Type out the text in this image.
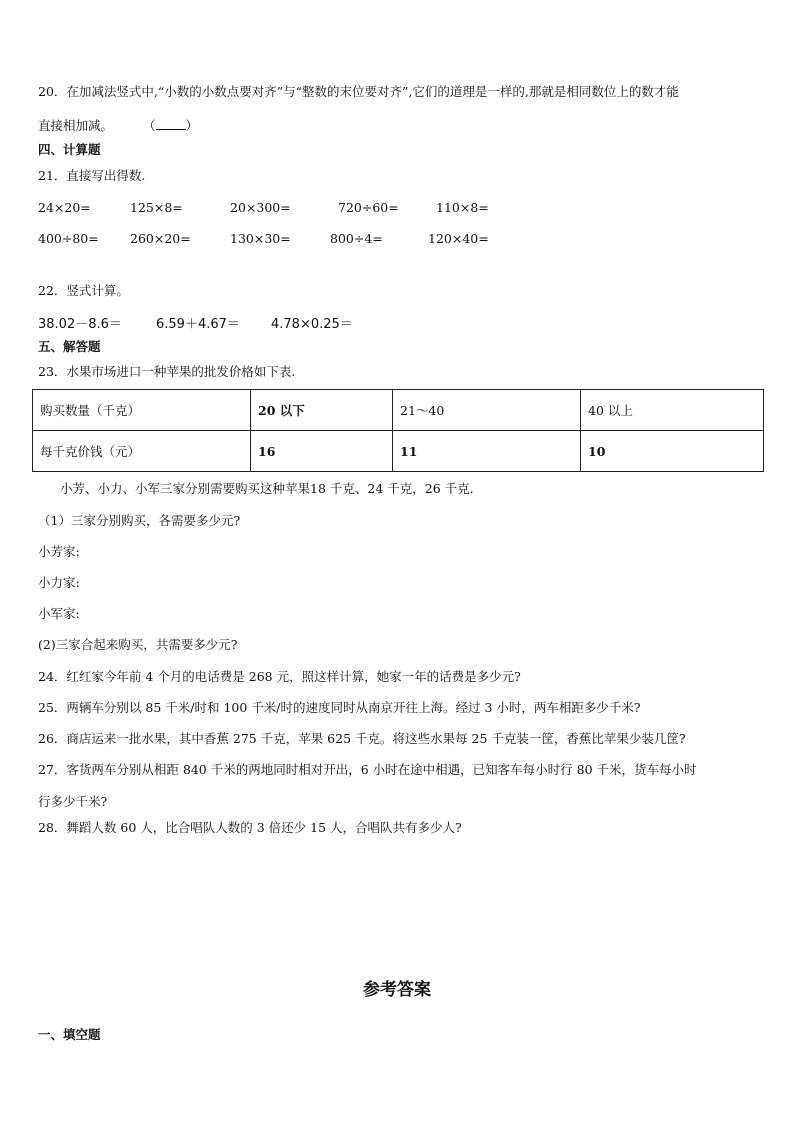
20．在加减法竖式中,“小数的小数点要对齐”与“整数的末位要对齐”,它们的道理是一样的,那就是相同数位上的数才能
直接相加减。 （ ）
四、计算题
21．直接写出得数.
24×20=	125×8=	20×300=	720÷60=	110×8=
400÷80=	260×20=	130×30=	800÷4=	120×40=
22．竖式计算。
38.02－8.6＝	6.59＋4.67＝ 4.78×0.25＝
五、解答题
23．水果市场进口一种苹果的批发价格如下表.
购买数量（千克）	20 以下	21～40	40 以上
每千克价钱（元）	16	11	10
小芳、小力、小军三家分别需要购买这种苹果18 千克、24 千克，26 千克.
（1）三家分别购买，各需要多少元?
小芳家:
小力家:
小军家:
(2)三家合起来购买，共需要多少元?
24．红红家今年前 4 个月的电话费是 268 元，照这样计算，她家一年的话费是多少元?
25．两辆车分别以 85 千米/时和 100 千米/时的速度同时从南京开往上海。经过 3 小时，两车相距多少千米?
26．商店运来一批水果，其中香蕉 275 千克，苹果 625 千克。将这些水果每 25 千克装一筐，香蕉比苹果少装几筐?
27．客货两车分别从相距 840 千米的两地同时相对开出，6 小时在途中相遇，已知客车每小时行 80 千米，货车每小时
行多少千米?
28．舞蹈人数 60 人，比合唱队人数的 3 倍还少 15 人，合唱队共有多少人?
参考答案
一、填空题
